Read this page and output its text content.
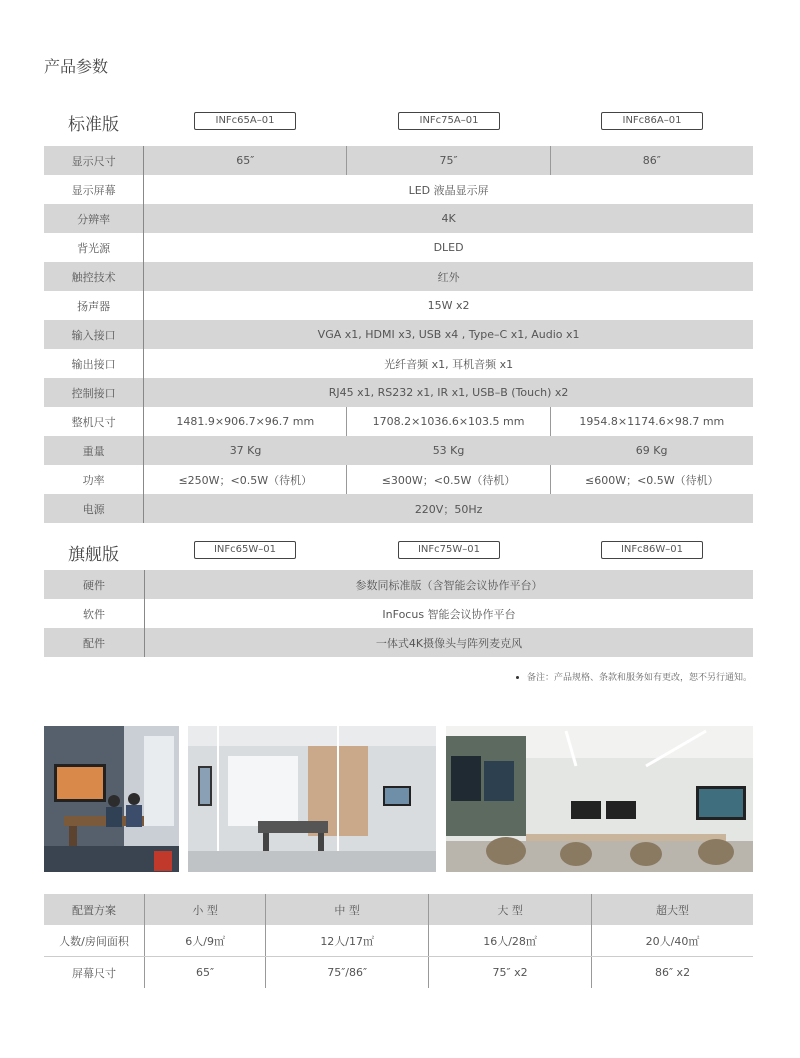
产品参数
标准版	INFc65A–01	INFc75A–01	INFc86A–01
显示尺寸	65″	75″	86″
显示屏幕	LED 液晶显示屏		
分辨率	4K		
背光源	DLED		
触控技术	红外		
扬声器	15W x2		
输入接口	VGA x1, HDMI x3, USB x4 , Type–C x1, Audio x1		
输出接口	光纤音频 x1, 耳机音频 x1		
控制接口	RJ45 x1, RS232 x1, IR x1, USB–B (Touch) x2		
整机尺寸	1481.9×906.7×96.7 mm	1708.2×1036.6×103.5 mm	1954.8×1174.6×98.7 mm
重量	37 Kg	53 Kg	69 Kg
功率	≤250W；<0.5W（待机）	≤300W；<0.5W（待机）	≤600W；<0.5W（待机）
电源	220V；50Hz		
旗舰版	INFc65W–01	INFc75W–01	INFc86W–01
硬件	参数同标准版（含智能会议协作平台）
软件	InFocus 智能会议协作平台
配件	一体式4K摄像头与阵列麦克风
备注：产品规格、条款和服务如有更改，恕不另行通知。
配置方案	小 型	中 型	大 型	超大型
人数/房间面积	6人/9㎡	12人/17㎡	16人/28㎡	20人/40㎡
屏幕尺寸	65″	75″/86″	75″ x2	86″ x2
